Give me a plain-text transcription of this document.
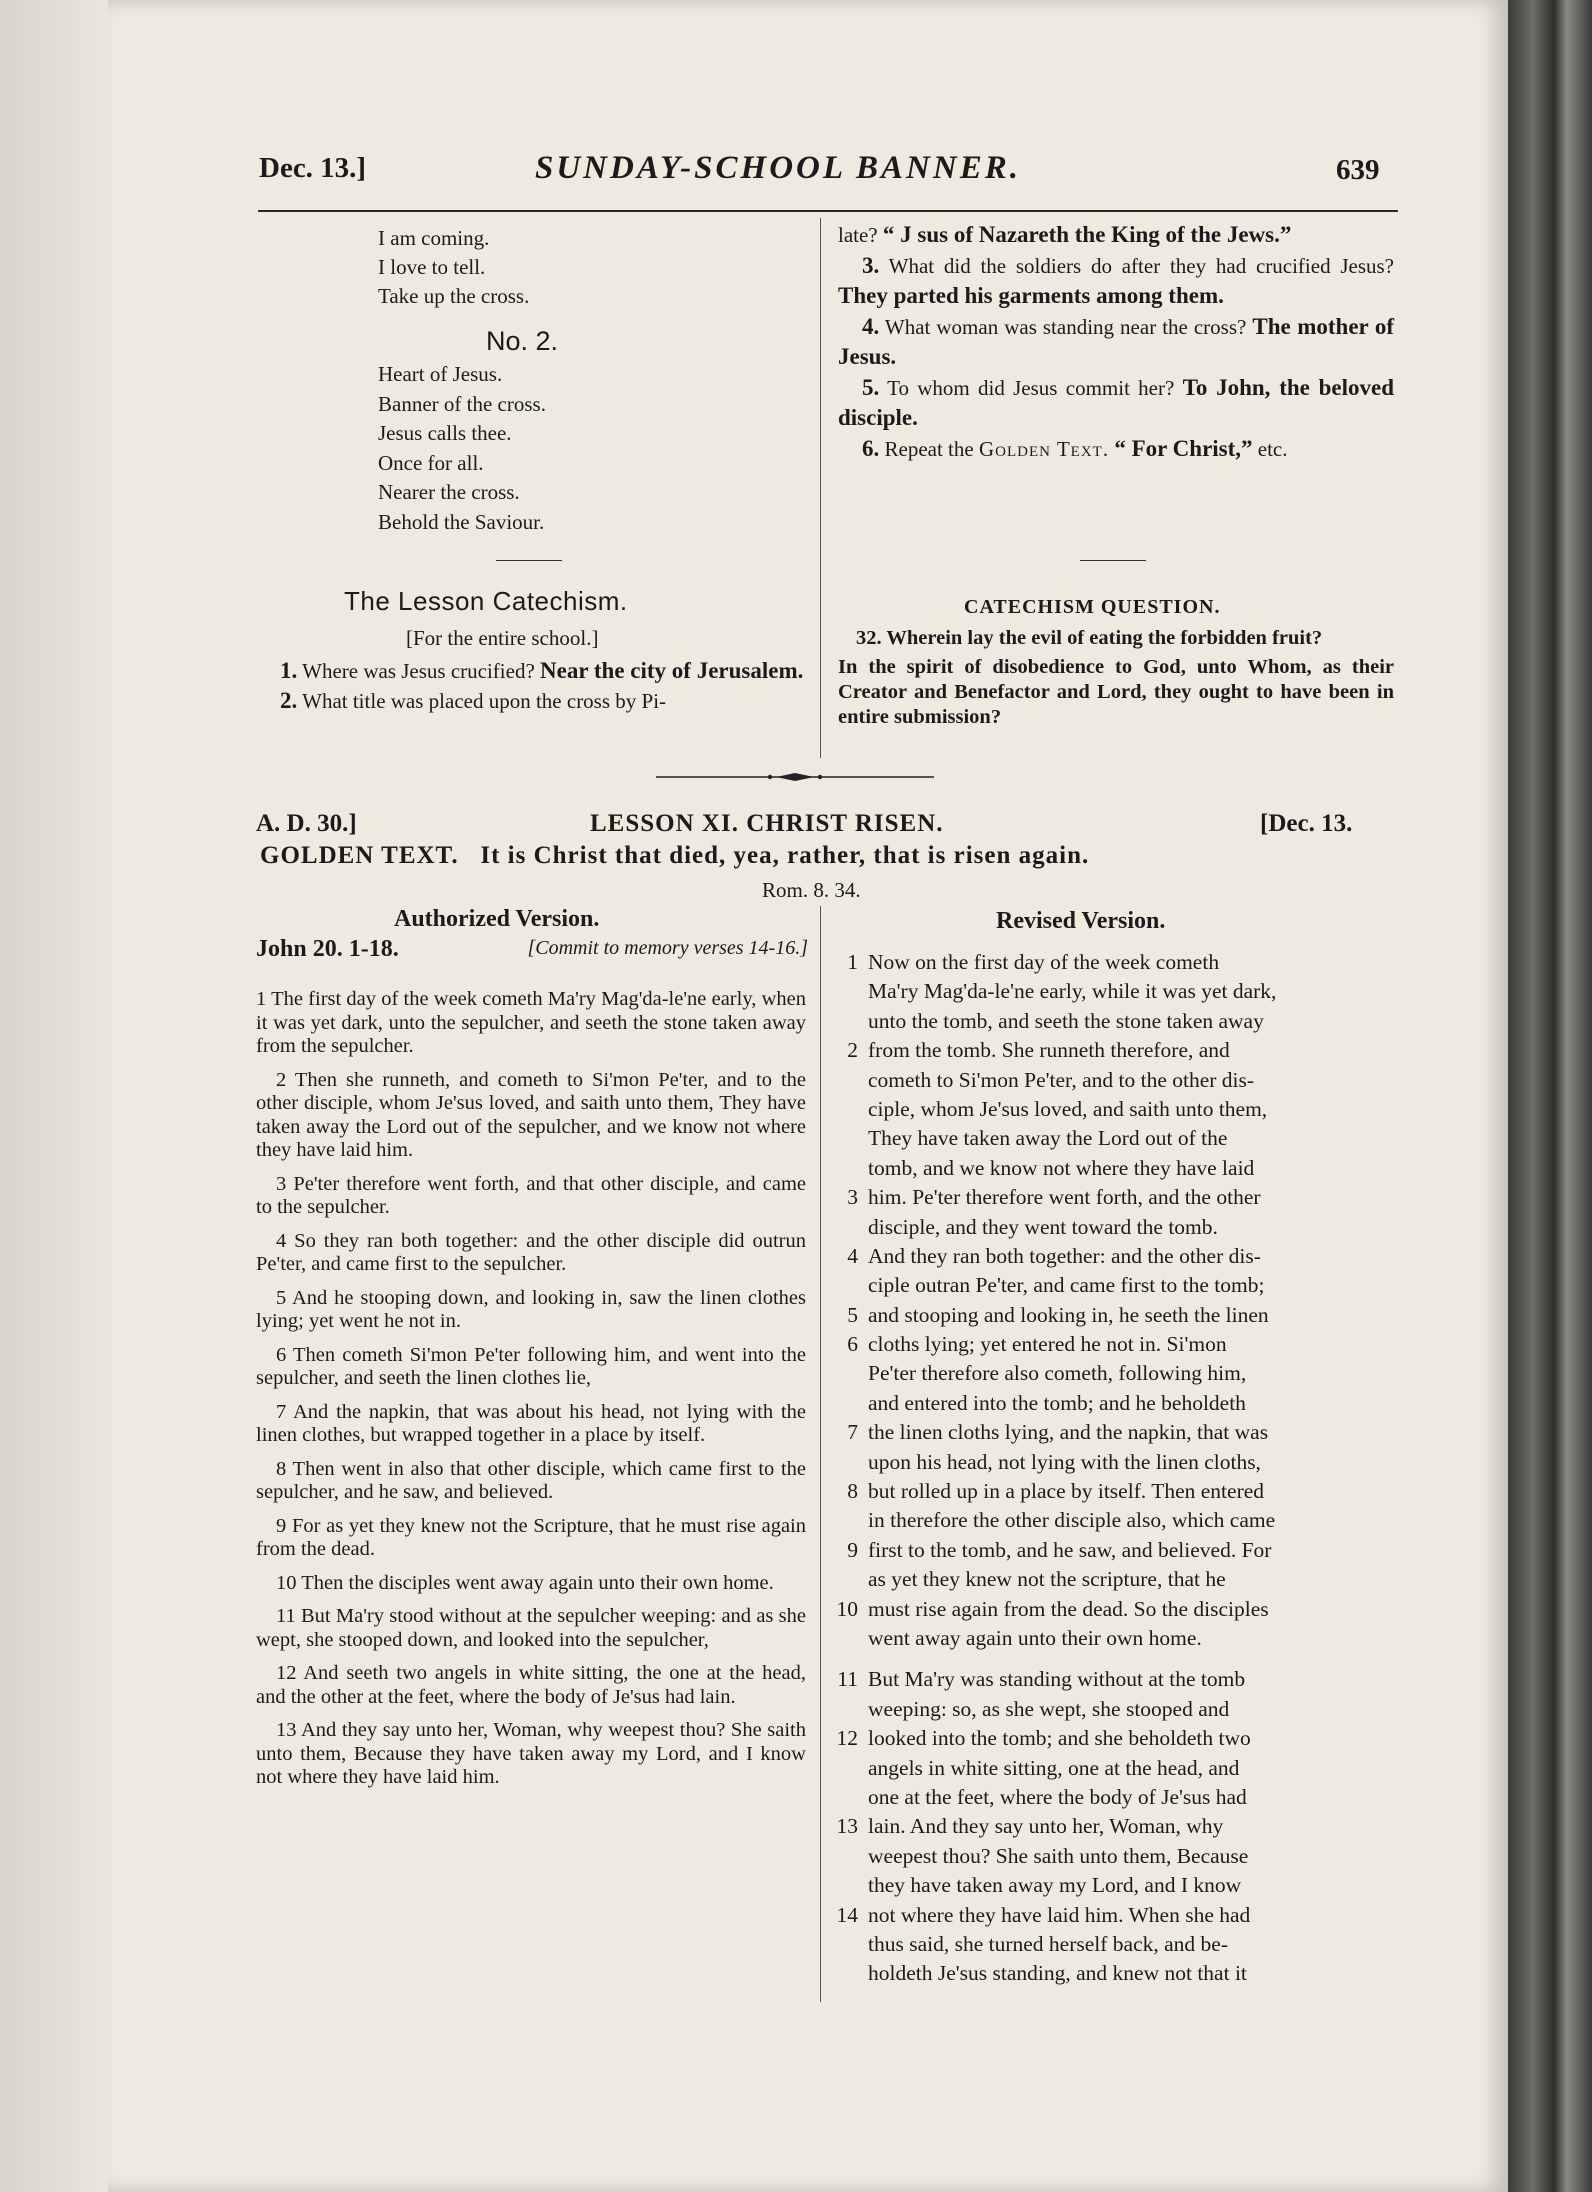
Dec. 13.]	SUNDAY-SCHOOL BANNER.	639
I am coming.
I love to tell.
Take up the cross.
No. 2.
Heart of Jesus.
Banner of the cross.
Jesus calls thee.
Once for all.
Nearer the cross.
Behold the Saviour.
The Lesson Catechism.
[For the entire school.]
1. Where was Jesus crucified? Near the city of Jerusalem.
2. What title was placed upon the cross by Pi-
late? “ J sus of Nazareth the King of the Jews.”
3. What did the soldiers do after they had crucified Jesus? They parted his garments among them.
4. What woman was standing near the cross? The mother of Jesus.
5. To whom did Jesus commit her? To John, the beloved disciple.
6. Repeat the Golden Text. “ For Christ,” etc.
CATECHISM QUESTION.
32. Wherein lay the evil of eating the forbidden fruit?
In the spirit of disobedience to God, unto Whom, as their Creator and Benefactor and Lord, they ought to have been in entire submission?
A. D. 30.]	LESSON XI. CHRIST RISEN.	[Dec. 13.
GOLDEN TEXT. It is Christ that died, yea, rather, that is risen again.
Rom. 8. 34.
Authorized Version.
John 20. 1-18.	[Commit to memory verses 14-16.]
1 The first day of the week cometh Ma'ry Mag'da-le'ne early, when it was yet dark, unto the sepulcher, and seeth the stone taken away from the sepulcher.
2 Then she runneth, and cometh to Si'mon Pe'ter, and to the other disciple, whom Je'sus loved, and saith unto them, They have taken away the Lord out of the sepulcher, and we know not where they have laid him.
3 Pe'ter therefore went forth, and that other disciple, and came to the sepulcher.
4 So they ran both together: and the other disciple did outrun Pe'ter, and came first to the sepulcher.
5 And he stooping down, and looking in, saw the linen clothes lying; yet went he not in.
6 Then cometh Si'mon Pe'ter following him, and went into the sepulcher, and seeth the linen clothes lie,
7 And the napkin, that was about his head, not lying with the linen clothes, but wrapped together in a place by itself.
8 Then went in also that other disciple, which came first to the sepulcher, and he saw, and believed.
9 For as yet they knew not the Scripture, that he must rise again from the dead.
10 Then the disciples went away again unto their own home.
11 But Ma'ry stood without at the sepulcher weeping: and as she wept, she stooped down, and looked into the sepulcher,
12 And seeth two angels in white sitting, the one at the head, and the other at the feet, where the body of Je'sus had lain.
13 And they say unto her, Woman, why weepest thou? She saith unto them, Because they have taken away my Lord, and I know not where they have laid him.
Revised Version.
1 Now on the first day of the week cometh
Ma'ry Mag'da-le'ne early, while it was yet dark,
unto the tomb, and seeth the stone taken away
2 from the tomb. She runneth therefore, and
cometh to Si'mon Pe'ter, and to the other dis-
ciple, whom Je'sus loved, and saith unto them,
They have taken away the Lord out of the
tomb, and we know not where they have laid
3 him. Pe'ter therefore went forth, and the other
disciple, and they went toward the tomb.
4 And they ran both together: and the other dis-
ciple outran Pe'ter, and came first to the tomb;
5 and stooping and looking in, he seeth the linen
6 cloths lying; yet entered he not in. Si'mon
Pe'ter therefore also cometh, following him,
and entered into the tomb; and he beholdeth
7 the linen cloths lying, and the napkin, that was
upon his head, not lying with the linen cloths,
8 but rolled up in a place by itself. Then entered
in therefore the other disciple also, which came
9 first to the tomb, and he saw, and believed. For
as yet they knew not the scripture, that he
10 must rise again from the dead. So the disciples
went away again unto their own home.
11 But Ma'ry was standing without at the tomb
weeping: so, as she wept, she stooped and
12 looked into the tomb; and she beholdeth two
angels in white sitting, one at the head, and
one at the feet, where the body of Je'sus had
13 lain. And they say unto her, Woman, why
weepest thou? She saith unto them, Because
they have taken away my Lord, and I know
14 not where they have laid him. When she had
thus said, she turned herself back, and be-
holdeth Je'sus standing, and knew not that it
